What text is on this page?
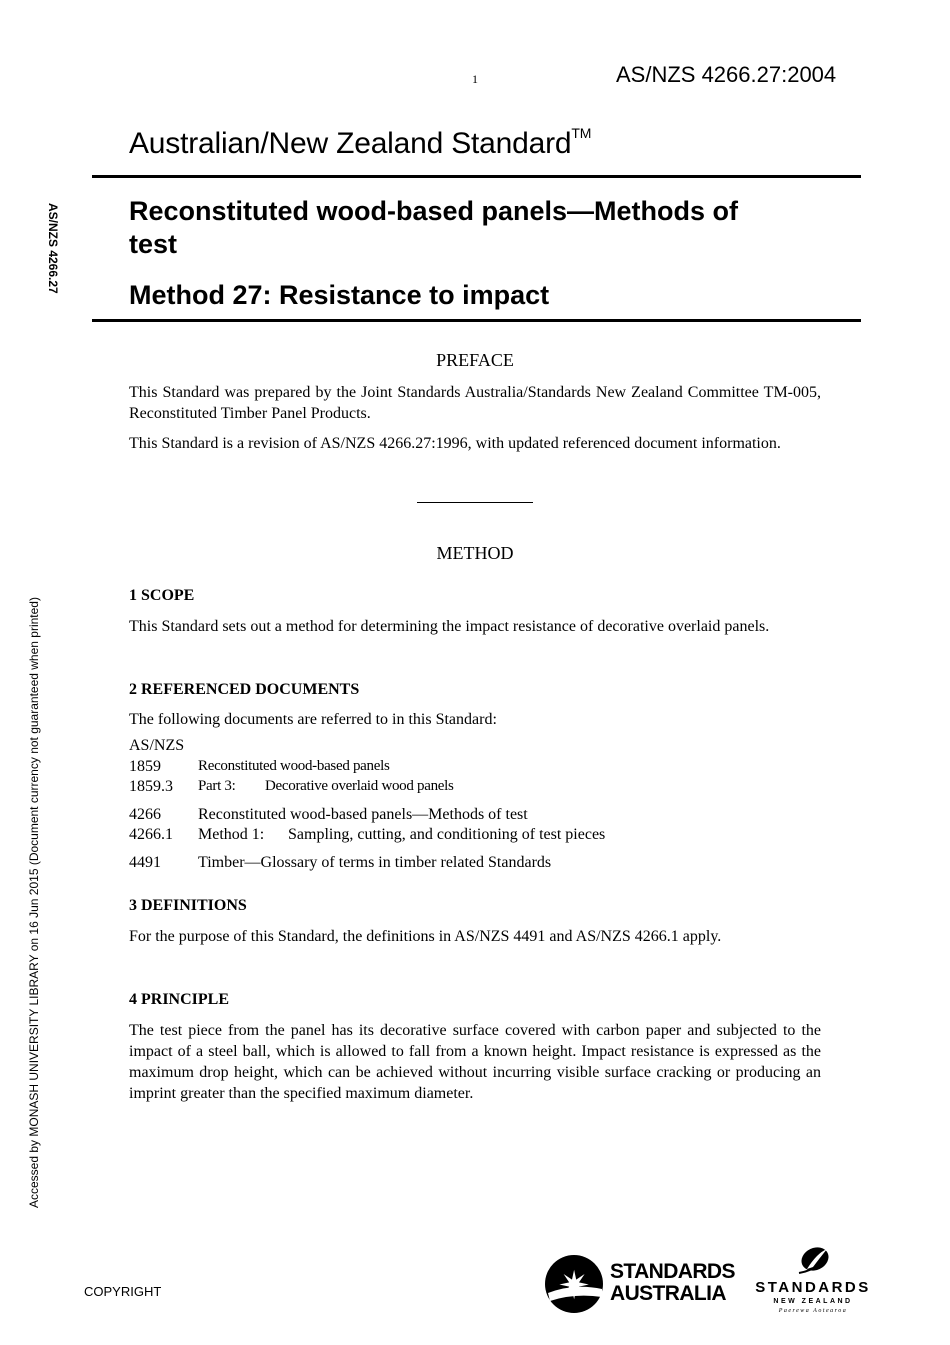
1	AS/NZS 4266.27:2004
Australian/New Zealand Standard™
AS/NZS 4266.27
Accessed by MONASH UNIVERSITY LIBRARY on 16 Jun 2015 (Document currency not guaranteed when printed)
Reconstituted wood-based panels—Methods of
test
Method 27: Resistance to impact
PREFACE
This Standard was prepared by the Joint Standards Australia/Standards New Zealand Committee TM-005, Reconstituted Timber Panel Products.
This Standard is a revision of AS/NZS 4266.27:1996, with updated referenced document information.
METHOD
1 SCOPE
This Standard sets out a method for determining the impact resistance of decorative overlaid panels.
2 REFERENCED DOCUMENTS
The following documents are referred to in this Standard:
AS/NZS
1859 Reconstituted wood-based panels
1859.3 Part 3: Decorative overlaid wood panels
4266 Reconstituted wood-based panels—Methods of test
4266.1 Method 1: Sampling, cutting, and conditioning of test pieces
4491 Timber—Glossary of terms in timber related Standards
3 DEFINITIONS
For the purpose of this Standard, the definitions in AS/NZS 4491 and AS/NZS 4266.1 apply.
4 PRINCIPLE
The test piece from the panel has its decorative surface covered with carbon paper and subjected to the impact of a steel ball, which is allowed to fall from a known height. Impact resistance is expressed as the maximum drop height, which can be achieved without incurring visible surface cracking or producing an imprint greater than the specified maximum diameter.
COPYRIGHT
STANDARDS
AUSTRALIA STANDARDS
NEW ZEALAND
Paerewa Aotearoa
